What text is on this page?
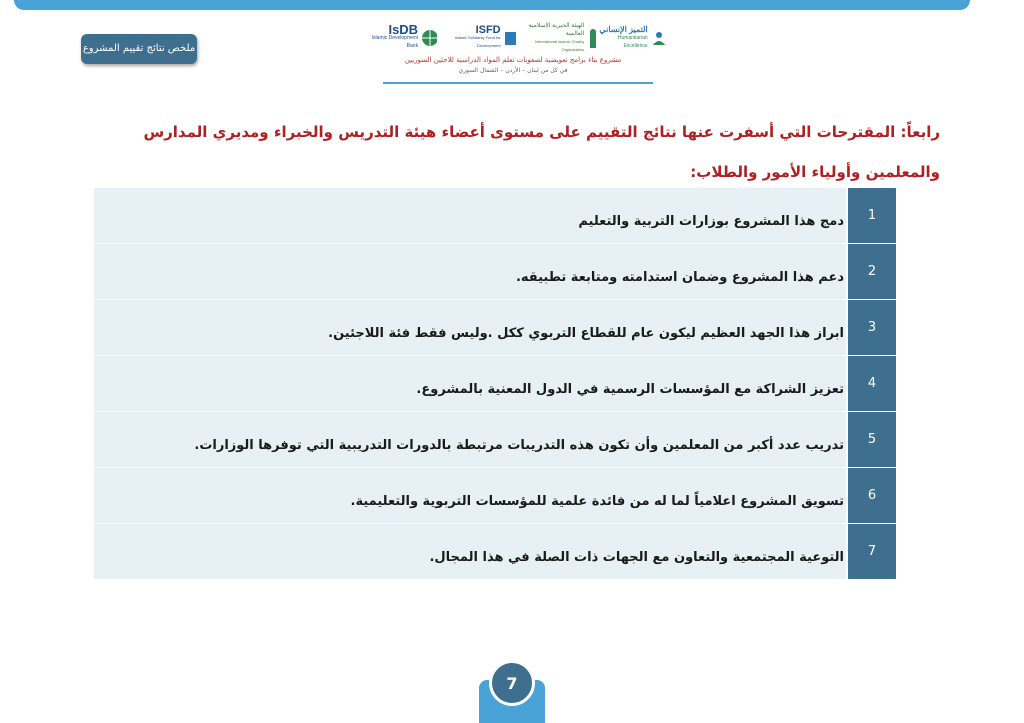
ملخص نتائج تقييم المشروع
IsDB
Islamic Development Bank
ISFD
Islamic Solidarity Fund for Development
الهيئة الخيرية الإسلامية العالمية
International Islamic Charity Organization
التميز الإنساني
Humanitarian Excellence
مشروع بناء برامج تعويضية لصعوبات تعلم المواد الدراسية للاجئين السوريين
في كل من لبنان – الأردن – الشمال السوري
رابعاً: المقترحات التي أسفرت عنها نتائج التقييم على مستوى أعضاء هيئة التدريس والخبراء ومديري المدارس والمعلمين وأولياء الأمور والطلاب:
1
دمج هذا المشروع بوزارات التربية والتعليم
2
دعم هذا المشروع وضمان استدامته ومتابعة تطبيقه.
3
ابراز هذا الجهد العظيم ليكون عام للقطاع التربوي ككل .وليس فقط فئة اللاجئين.
4
تعزيز الشراكة مع المؤسسات الرسمية في الدول المعنية بالمشروع.
5
تدريب عدد أكبر من المعلمين وأن تكون هذه التدريبات مرتبطة بالدورات التدريبية التي توفرها الوزارات.
6
تسويق المشروع اعلامياً لما له من فائدة علمية للمؤسسات التربوية والتعليمية.
7
التوعية المجتمعية والتعاون مع الجهات ذات الصلة في هذا المجال.
7
